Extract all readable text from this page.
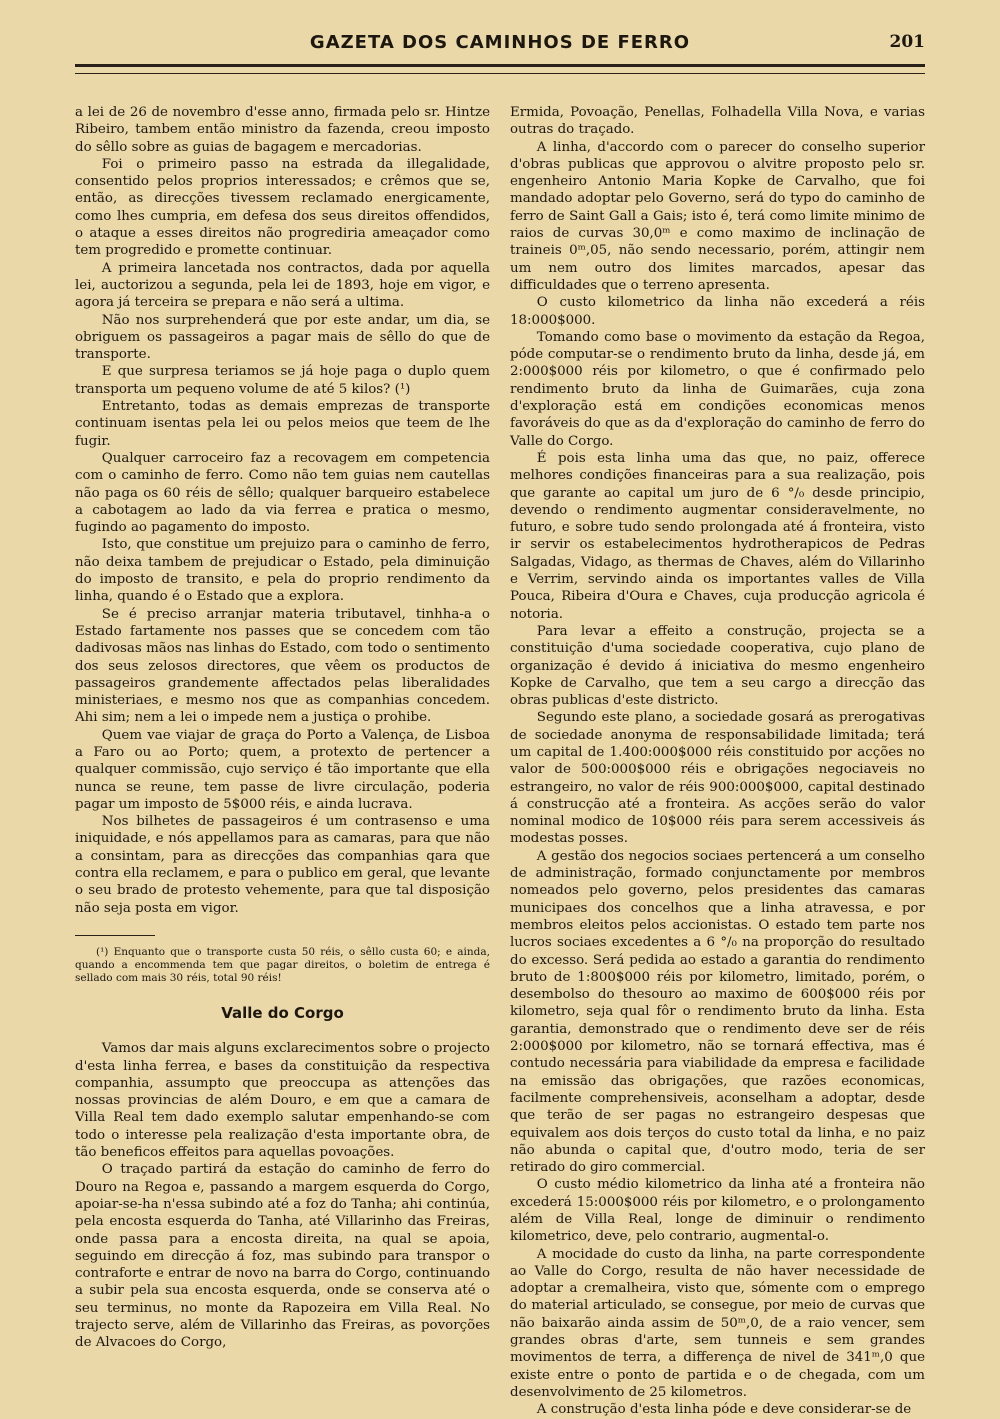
GAZETA DOS CAMINHOS DE FERRO	201

a lei de 26 de novembro d'esse anno, firmada pelo sr. Hintze Ribeiro, tambem então ministro da fazenda, creou imposto do sêllo sobre as guias de bagagem e mercadorias.

Foi o primeiro passo na estrada da illegalidade, consentido pelos proprios interessados; e crêmos que se, então, as direcções tivessem reclamado energicamente, como lhes cumpria, em defesa dos seus direitos offendidos, o ataque a esses direitos não progrediria ameaçador como tem progredido e promette continuar.

A primeira lancetada nos contractos, dada por aquella lei, auctorizou a segunda, pela lei de 1893, hoje em vigor, e agora já terceira se prepara e não será a ultima.

Não nos surprehenderá que por este andar, um dia, se obriguem os passageiros a pagar mais de sêllo do que de transporte.

E que surpresa teriamos se já hoje paga o duplo quem transporta um pequeno volume de até 5 kilos? (¹)

Entretanto, todas as demais emprezas de transporte continuam isentas pela lei ou pelos meios que teem de lhe fugir.

Qualquer carroceiro faz a recovagem em competencia com o caminho de ferro. Como não tem guias nem cautellas não paga os 60 réis de sêllo; qualquer barqueiro estabelece a cabotagem ao lado da via ferrea e pratica o mesmo, fugindo ao pagamento do imposto.

Isto, que constitue um prejuizo para o caminho de ferro, não deixa tambem de prejudicar o Estado, pela diminuição do imposto de transito, e pela do proprio rendimento da linha, quando é o Estado que a explora.

Se é preciso arranjar materia tributavel, tinhha-a o Estado fartamente nos passes que se concedem com tão dadivosas mãos nas linhas do Estado, com todo o sentimento dos seus zelosos directores, que vêem os productos de passageiros grandemente affectados pelas liberalidades ministeriaes, e mesmo nos que as companhias concedem. Ahi sim; nem a lei o impede nem a justiça o prohibe.

Quem vae viajar de graça do Porto a Valença, de Lisboa a Faro ou ao Porto; quem, a protexto de pertencer a qualquer commissão, cujo serviço é tão importante que ella nunca se reune, tem passe de livre circulação, poderia pagar um imposto de 5$000 réis, e ainda lucrava.

Nos bilhetes de passageiros é um contrasenso e uma iniquidade, e nós appellamos para as camaras, para que não a consintam, para as direcções das companhias qara que contra ella reclamem, e para o publico em geral, que levante o seu brado de protesto vehemente, para que tal disposição não seja posta em vigor.

(¹) Enquanto que o transporte custa 50 réis, o sêllo custa 60; e ainda, quando a encommenda tem que pagar direitos, o boletim de entrega é sellado com mais 30 réis, total 90 réis!

Valle do Corgo

Vamos dar mais alguns exclarecimentos sobre o projecto d'esta linha ferrea, e bases da constituição da respectiva companhia, assumpto que preoccupa as attenções das nossas provincias de além Douro, e em que a camara de Villa Real tem dado exemplo salutar empenhando-se com todo o interesse pela realização d'esta importante obra, de tão beneficos effeitos para aquellas povoações.

O traçado partirá da estação do caminho de ferro do Douro na Regoa e, passando a margem esquerda do Corgo, apoiar-se-ha n'essa subindo até a foz do Tanha; ahi continúa, pela encosta esquerda do Tanha, até Villarinho das Freiras, onde passa para a encosta direita, na qual se apoia, seguindo em direcção á foz, mas subindo para transpor o contraforte e entrar de novo na barra do Corgo, continuando a subir pela sua encosta esquerda, onde se conserva até o seu terminus, no monte da Rapozeira em Villa Real. No trajecto serve, além de Villarinho das Freiras, as povorções de Alvacoes do Corgo,

Ermida, Povoação, Penellas, Folhadella Villa Nova, e varias outras do traçado.

A linha, d'accordo com o parecer do conselho superior d'obras publicas que approvou o alvitre proposto pelo sr. engenheiro Antonio Maria Kopke de Carvalho, que foi mandado adoptar pelo Governo, será do typo do caminho de ferro de Saint Gall a Gais; isto é, terá como limite minimo de raios de curvas 30,0ᵐ e como maximo de inclinação de traineis 0ᵐ,05, não sendo necessario, porém, attingir nem um nem outro dos limites marcados, apesar das difficuldades que o terreno apresenta.

O custo kilometrico da linha não excederá a réis 18:000$000.

Tomando como base o movimento da estação da Regoa, póde computar-se o rendimento bruto da linha, desde já, em 2:000$000 réis por kilometro, o que é confirmado pelo rendimento bruto da linha de Guimarães, cuja zona d'exploração está em condições economicas menos favoráveis do que as da d'exploração do caminho de ferro do Valle do Corgo.

É pois esta linha uma das que, no paiz, offerece melhores condições financeiras para a sua realização, pois que garante ao capital um juro de 6 °/₀ desde principio, devendo o rendimento augmentar consideravelmente, no futuro, e sobre tudo sendo prolongada até á fronteira, visto ir servir os estabelecimentos hydrotherapicos de Pedras Salgadas, Vidago, as thermas de Chaves, além do Villarinho e Verrim, servindo ainda os importantes valles de Villa Pouca, Ribeira d'Oura e Chaves, cuja producção agricola é notoria.

Para levar a effeito a construção, projecta se a constituição d'uma sociedade cooperativa, cujo plano de organização é devido á iniciativa do mesmo engenheiro Kopke de Carvalho, que tem a seu cargo a direcção das obras publicas d'este districto.

Segundo este plano, a sociedade gosará as prerogativas de sociedade anonyma de responsabilidade limitada; terá um capital de 1.400:000$000 réis constituido por acções no valor de 500:000$000 réis e obrigações negociaveis no estrangeiro, no valor de réis 900:000$000, capital destinado á construcção até a fronteira. As acções serão do valor nominal modico de 10$000 réis para serem accessiveis ás modestas posses.

A gestão dos negocios sociaes pertencerá a um conselho de administração, formado conjunctamente por membros nomeados pelo governo, pelos presidentes das camaras municipaes dos concelhos que a linha atravessa, e por membros eleitos pelos accionistas. O estado tem parte nos lucros sociaes excedentes a 6 °/₀ na proporção do resultado do excesso. Será pedida ao estado a garantia do rendimento bruto de 1:800$000 réis por kilometro, limitado, porém, o desembolso do thesouro ao maximo de 600$000 réis por kilometro, seja qual fôr o rendimento bruto da linha. Esta garantia, demonstrado que o rendimento deve ser de réis 2:000$000 por kilometro, não se tornará effectiva, mas é contudo necessária para viabilidade da empresa e facilidade na emissão das obrigações, que razões economicas, facilmente comprehensiveis, aconselham a adoptar, desde que terão de ser pagas no estrangeiro despesas que equivalem aos dois terços do custo total da linha, e no paiz não abunda o capital que, d'outro modo, teria de ser retirado do giro commercial.

O custo médio kilometrico da linha até a fronteira não excederá 15:000$000 réis por kilometro, e o prolongamento além de Villa Real, longe de diminuir o rendimento kilometrico, deve, pelo contrario, augmental-o.

A mocidade do custo da linha, na parte correspondente ao Valle do Corgo, resulta de não haver necessidade de adoptar a cremalheira, visto que, sómente com o emprego do material articulado, se consegue, por meio de curvas que não baixarão ainda assim de 50ᵐ,0, de a raio vencer, sem grandes obras d'arte, sem tunneis e sem grandes movimentos de terra, a differença de nivel de 341ᵐ,0 que existe entre o ponto de partida e o de chegada, com um desenvolvimento de 25 kilometros.

A construção d'esta linha póde e deve considerar-se de
